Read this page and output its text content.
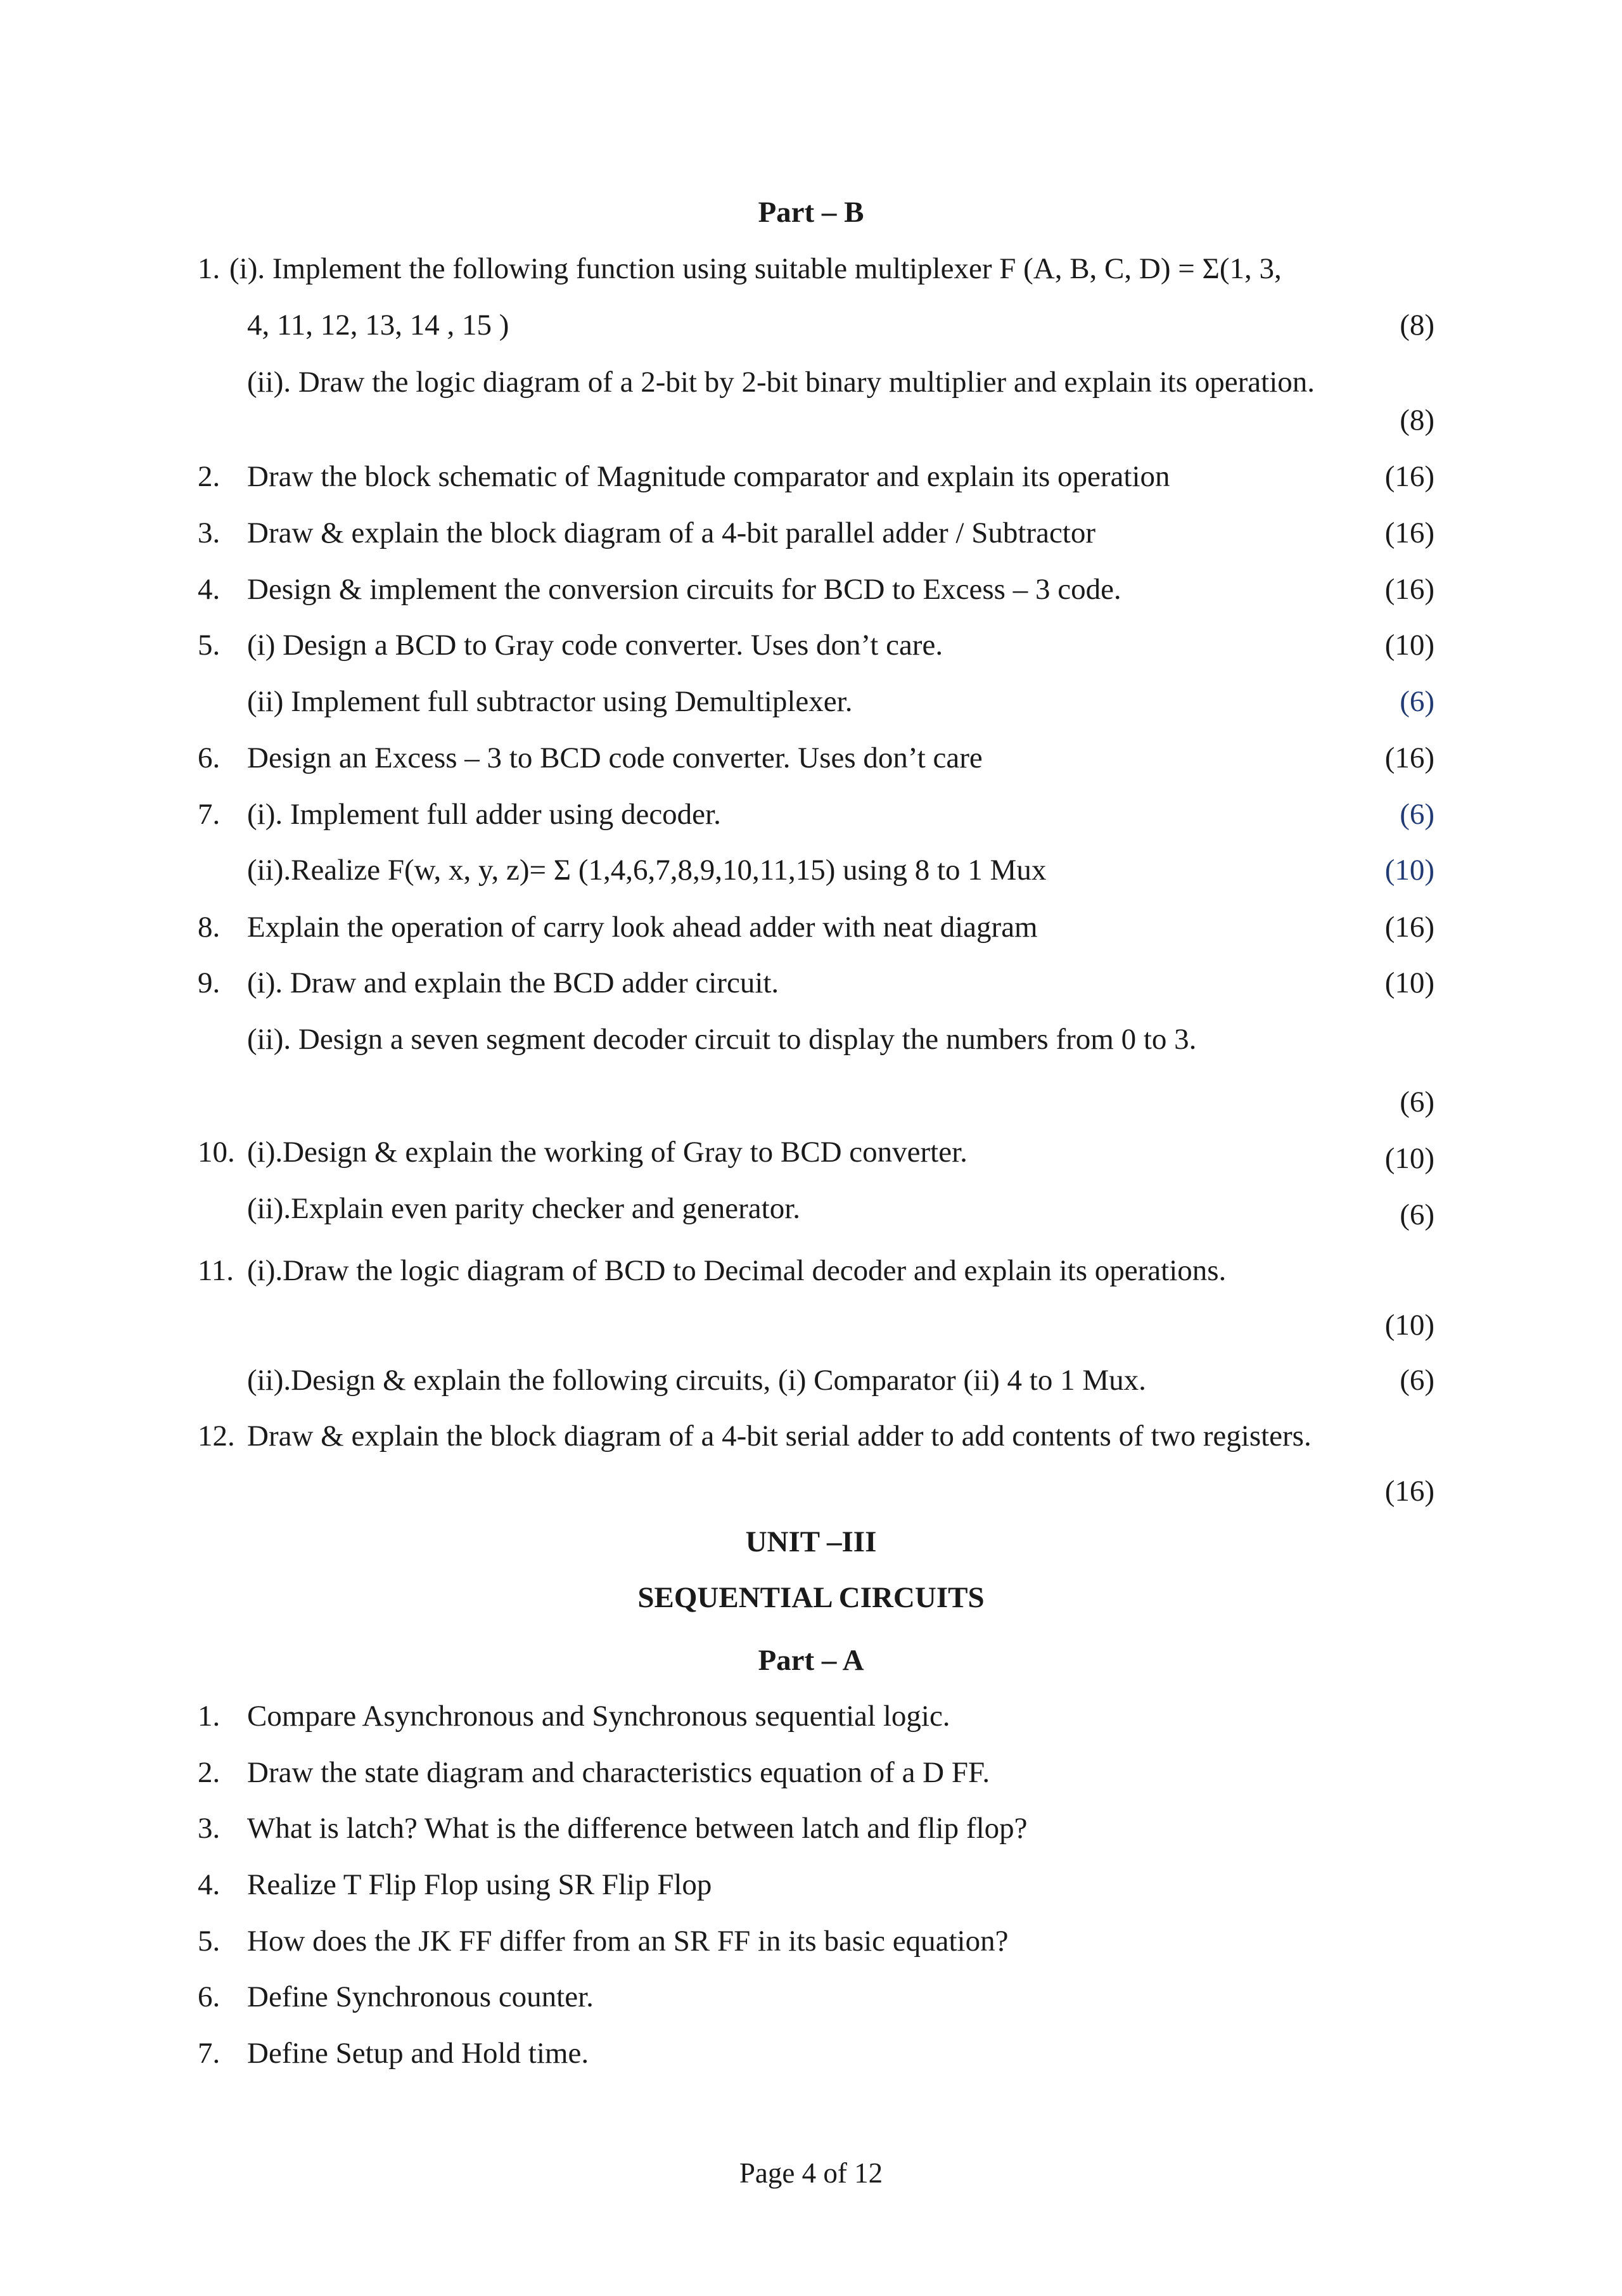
Part – B
1. (i). Implement the following function using suitable multiplexer F (A, B, C, D) = Σ(1, 3,
4, 11, 12, 13, 14 , 15 )	(8)
(ii). Draw the logic diagram of a 2-bit by 2-bit binary multiplier and explain its operation.
(8)
2. Draw the block schematic of Magnitude comparator and explain its operation	(16)
3. Draw & explain the block diagram of a 4-bit parallel adder / Subtractor	(16)
4. Design & implement the conversion circuits for BCD to Excess – 3 code.	(16)
5. (i) Design a BCD to Gray code converter. Uses don’t care.	(10)
(ii) Implement full subtractor using Demultiplexer.	(6)
6. Design an Excess – 3 to BCD code converter. Uses don’t care	(16)
7. (i). Implement full adder using decoder.	(6)
(ii).Realize F(w, x, y, z)= Σ (1,4,6,7,8,9,10,11,15) using 8 to 1 Mux	(10)
8. Explain the operation of carry look ahead adder with neat diagram	(16)
9. (i). Draw and explain the BCD adder circuit.	(10)
(ii). Design a seven segment decoder circuit to display the numbers from 0 to 3.
(6)
10. (i).Design & explain the working of Gray to BCD converter.	(10)
(ii).Explain even parity checker and generator.	(6)
11. (i).Draw the logic diagram of BCD to Decimal decoder and explain its operations.
(10)
(ii).Design & explain the following circuits, (i) Comparator (ii) 4 to 1 Mux.	(6)
12. Draw & explain the block diagram of a 4-bit serial adder to add contents of two registers.
(16)
UNIT –III
SEQUENTIAL CIRCUITS
Part – A
1. Compare Asynchronous and Synchronous sequential logic.
2. Draw the state diagram and characteristics equation of a D FF.
3. What is latch? What is the difference between latch and flip flop?
4. Realize T Flip Flop using SR Flip Flop
5. How does the JK FF differ from an SR FF in its basic equation?
6. Define Synchronous counter.
7. Define Setup and Hold time.
Page 4 of 12
